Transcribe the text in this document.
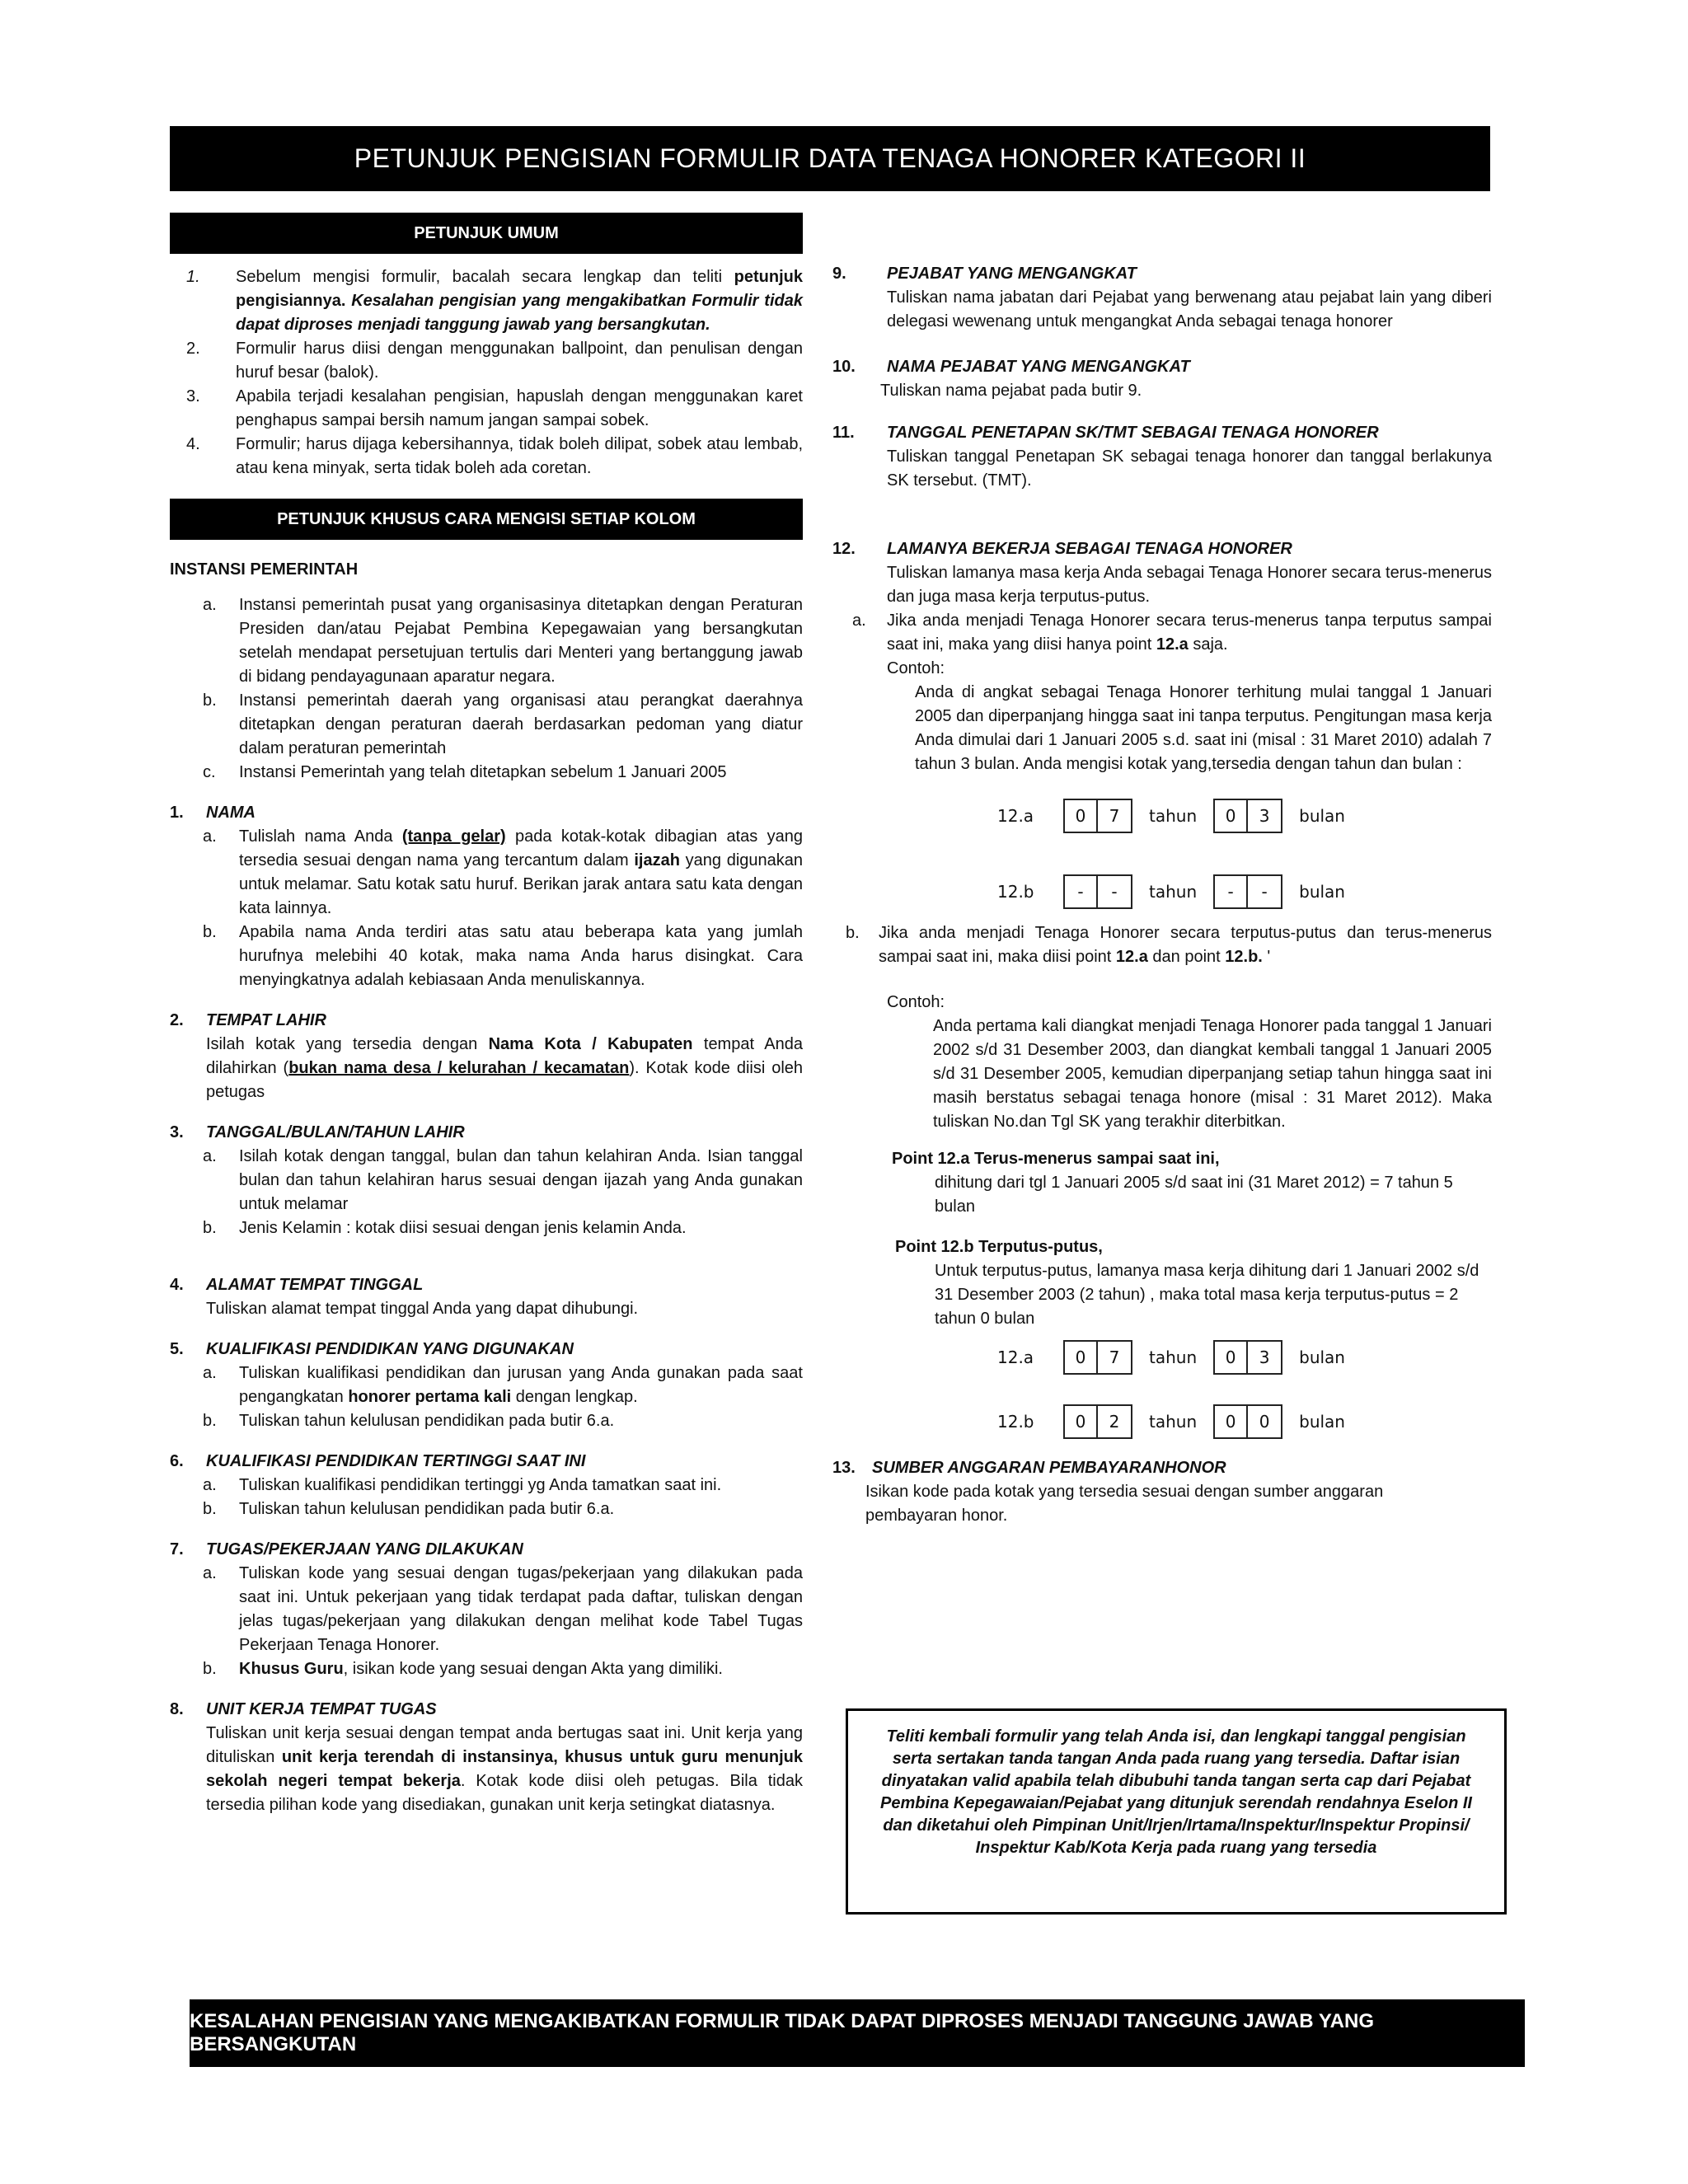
PETUNJUK PENGISIAN FORMULIR DATA TENAGA HONORER KATEGORI II
PETUNJUK UMUM
1.	Sebelum mengisi formulir, bacalah secara lengkap dan teliti petunjuk pengisiannya. Kesalahan pengisian yang mengakibatkan Formulir tidak dapat diproses menjadi tanggung jawab yang bersangkutan.
2.	Formulir harus diisi dengan menggunakan ballpoint, dan penulisan dengan huruf besar (balok).
3.	Apabila terjadi kesalahan pengisian, hapuslah dengan menggunakan karet penghapus sampai bersih namum jangan sampai sobek.
4.	Formulir; harus dijaga kebersihannya, tidak boleh dilipat, sobek atau lembab, atau kena minyak, serta tidak boleh ada coretan.
PETUNJUK KHUSUS CARA MENGISI SETIAP KOLOM

INSTANSI PEMERINTAH

a.	Instansi pemerintah pusat yang organisasinya ditetapkan dengan Peraturan Presiden dan/atau Pejabat Pembina Kepegawaian yang bersangkutan setelah mendapat persetujuan tertulis dari Menteri yang bertanggung jawab di bidang pendayagunaan aparatur negara.
b.	Instansi pemerintah daerah yang organisasi atau perangkat daerahnya ditetapkan dengan peraturan daerah berdasarkan pedoman yang diatur dalam peraturan pemerintah
c.	Instansi Pemerintah yang telah ditetapkan sebelum 1 Januari 2005
1.	NAMA
a.	Tulislah nama Anda (tanpa gelar) pada kotak-kotak dibagian atas yang tersedia sesuai dengan nama yang tercantum dalam ijazah yang digunakan untuk melamar. Satu kotak satu huruf. Berikan jarak antara satu kata dengan kata lainnya.
b.	Apabila nama Anda terdiri atas satu atau beberapa kata yang jumlah hurufnya melebihi 40 kotak, maka nama Anda harus disingkat. Cara menyingkatnya adalah kebiasaan Anda menuliskannya.
2.	TEMPAT LAHIR

Isilah kotak yang tersedia dengan Nama Kota / Kabupaten tempat Anda dilahirkan (bukan nama desa / kelurahan / kecamatan). Kotak kode diisi oleh petugas

3.	TANGGAL/BULAN/TAHUN LAHIR
a.	Isilah kotak dengan tanggal, bulan dan tahun kelahiran Anda. Isian tanggal bulan dan tahun kelahiran harus sesuai dengan ijazah yang Anda gunakan untuk melamar
b.	Jenis Kelamin : kotak diisi sesuai dengan jenis kelamin Anda.
4.	ALAMAT TEMPAT TINGGAL

Tuliskan alamat tempat tinggal Anda yang dapat dihubungi.

5.	KUALIFIKASI PENDIDIKAN YANG DIGUNAKAN
a.	Tuliskan kualifikasi pendidikan dan jurusan yang Anda gunakan pada saat pengangkatan honorer pertama kali dengan lengkap.
b.	Tuliskan tahun kelulusan pendidikan pada butir 6.a.
6.	KUALIFIKASI PENDIDIKAN TERTINGGI SAAT INI
a.	Tuliskan kualifikasi pendidikan tertinggi yg Anda tamatkan saat ini.
b.	Tuliskan tahun kelulusan pendidikan pada butir 6.a.
7.	TUGAS/PEKERJAAN YANG DILAKUKAN
a.	Tuliskan kode yang sesuai dengan tugas/pekerjaan yang dilakukan pada saat ini. Untuk pekerjaan yang tidak terdapat pada daftar, tuliskan dengan jelas tugas/pekerjaan yang dilakukan dengan melihat kode Tabel Tugas Pekerjaan Tenaga Honorer.
b.	Khusus Guru, isikan kode yang sesuai dengan Akta yang dimiliki.
8.	UNIT KERJA TEMPAT TUGAS

Tuliskan unit kerja sesuai dengan tempat anda bertugas saat ini. Unit kerja yang dituliskan unit kerja terendah di instansinya, khusus untuk guru menunjuk sekolah negeri tempat bekerja. Kotak kode diisi oleh petugas. Bila tidak tersedia pilihan kode yang disediakan, gunakan unit kerja setingkat diatasnya.

9.	PEJABAT YANG MENGANGKAT

Tuliskan nama jabatan dari Pejabat yang berwenang atau pejabat lain yang diberi delegasi wewenang untuk mengangkat Anda sebagai tenaga honorer

10.	NAMA PEJABAT YANG MENGANGKAT

Tuliskan nama pejabat pada butir 9.

11.	TANGGAL PENETAPAN SK/TMT SEBAGAI TENAGA HONORER

Tuliskan tanggal Penetapan SK sebagai tenaga honorer dan tanggal berlakunya SK tersebut. (TMT).

12.	LAMANYA BEKERJA SEBAGAI TENAGA HONORER

Tuliskan lamanya masa kerja Anda sebagai Tenaga Honorer secara terus-menerus dan juga masa kerja terputus-putus.

a.	Jika anda menjadi Tenaga Honorer secara terus-menerus tanpa terputus sampai saat ini, maka yang diisi hanya point 12.a saja.

Contoh:

Anda di angkat sebagai Tenaga Honorer terhitung mulai tanggal 1 Januari 2005 dan diperpanjang hingga saat ini tanpa terputus. Pengitungan masa kerja Anda dimulai dari 1 Januari 2005 s.d. saat ini (misal : 31 Maret 2010) adalah 7 tahun 3 bulan. Anda mengisi kotak yang,tersedia dengan tahun dan bulan :

12.a	0	7	tahun	0	3	bulan
12.b	-	-	tahun	-	-	bulan
b.	Jika anda menjadi Tenaga Honorer secara terputus-putus dan terus-menerus sampai saat ini, maka diisi point 12.a dan point 12.b. '

Contoh:

Anda pertama kali diangkat menjadi Tenaga Honorer pada tanggal 1 Januari 2002 s/d 31 Desember 2003, dan diangkat kembali tanggal 1 Januari 2005 s/d 31 Desember 2005, kemudian diperpanjang setiap tahun hingga saat ini masih berstatus sebagai tenaga honore (misal : 31 Maret 2012). Maka tuliskan No.dan Tgl SK yang terakhir diterbitkan.

Point 12.a Terus-menerus sampai saat ini,

dihitung dari tgl 1 Januari 2005 s/d saat ini (31 Maret 2012) = 7 tahun 5 bulan

Point 12.b Terputus-putus,

Untuk terputus-putus, lamanya masa kerja dihitung dari 1 Januari 2002 s/d 31 Desember 2003 (2 tahun) , maka total masa kerja terputus-putus = 2 tahun 0 bulan

12.a	0	7	tahun	0	3	bulan
12.b	0	2	tahun	0	0	bulan
13.	SUMBER ANGGARAN PEMBAYARANHONOR

Isikan kode pada kotak yang tersedia sesuai dengan sumber anggaran pembayaran honor.

Teliti kembali formulir yang telah Anda isi, dan lengkapi tanggal pengisian serta sertakan tanda tangan Anda pada ruang yang tersedia. Daftar isian dinyatakan valid apabila telah dibubuhi tanda tangan serta cap dari Pejabat Pembina Kepegawaian/Pejabat yang ditunjuk serendah rendahnya Eselon II dan diketahui oleh Pimpinan Unit/Irjen/Irtama/Inspektur/Inspektur Propinsi/ Inspektur Kab/Kota Kerja pada ruang yang tersedia
KESALAHAN PENGISIAN YANG MENGAKIBATKAN FORMULIR TIDAK DAPAT DIPROSES MENJADI TANGGUNG JAWAB YANG BERSANGKUTAN
